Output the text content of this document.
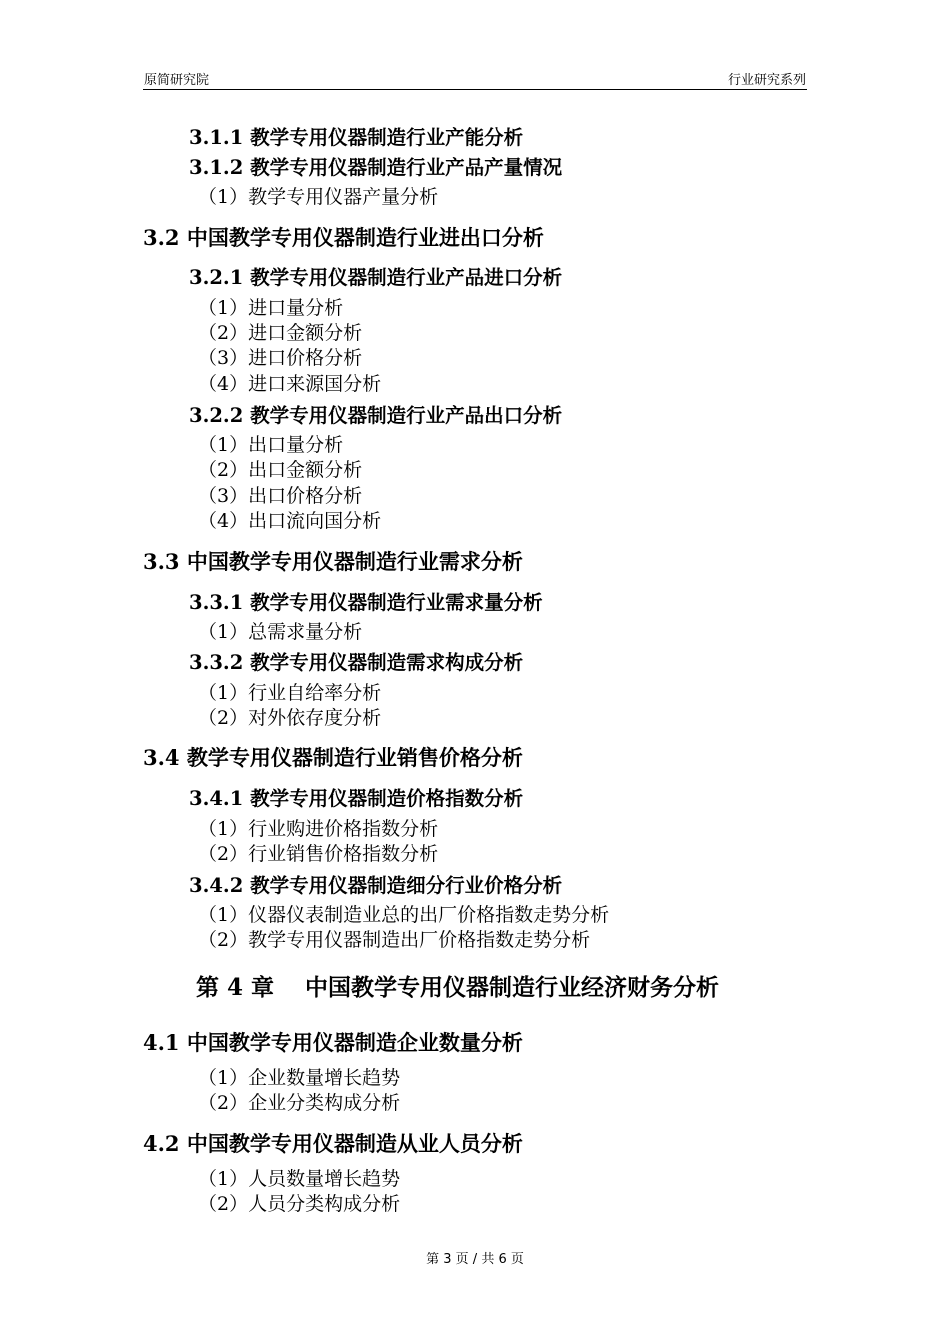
原简研究院	行业研究系列
3.1.1 教学专用仪器制造行业产能分析
3.1.2 教学专用仪器制造行业产品产量情况
（1）教学专用仪器产量分析
3.2 中国教学专用仪器制造行业进出口分析
3.2.1 教学专用仪器制造行业产品进口分析
（1）进口量分析
（2）进口金额分析
（3）进口价格分析
（4）进口来源国分析
3.2.2 教学专用仪器制造行业产品出口分析
（1）出口量分析
（2）出口金额分析
（3）出口价格分析
（4）出口流向国分析
3.3 中国教学专用仪器制造行业需求分析
3.3.1 教学专用仪器制造行业需求量分析
（1）总需求量分析
3.3.2 教学专用仪器制造需求构成分析
（1）行业自给率分析
（2）对外依存度分析
3.4 教学专用仪器制造行业销售价格分析
3.4.1 教学专用仪器制造价格指数分析
（1）行业购进价格指数分析
（2）行业销售价格指数分析
3.4.2 教学专用仪器制造细分行业价格分析
（1）仪器仪表制造业总的出厂价格指数走势分析
（2）教学专用仪器制造出厂价格指数走势分析
第 4 章　 中国教学专用仪器制造行业经济财务分析
4.1 中国教学专用仪器制造企业数量分析
（1）企业数量增长趋势
（2）企业分类构成分析
4.2 中国教学专用仪器制造从业人员分析
（1）人员数量增长趋势
（2）人员分类构成分析
第 3 页 / 共 6 页
